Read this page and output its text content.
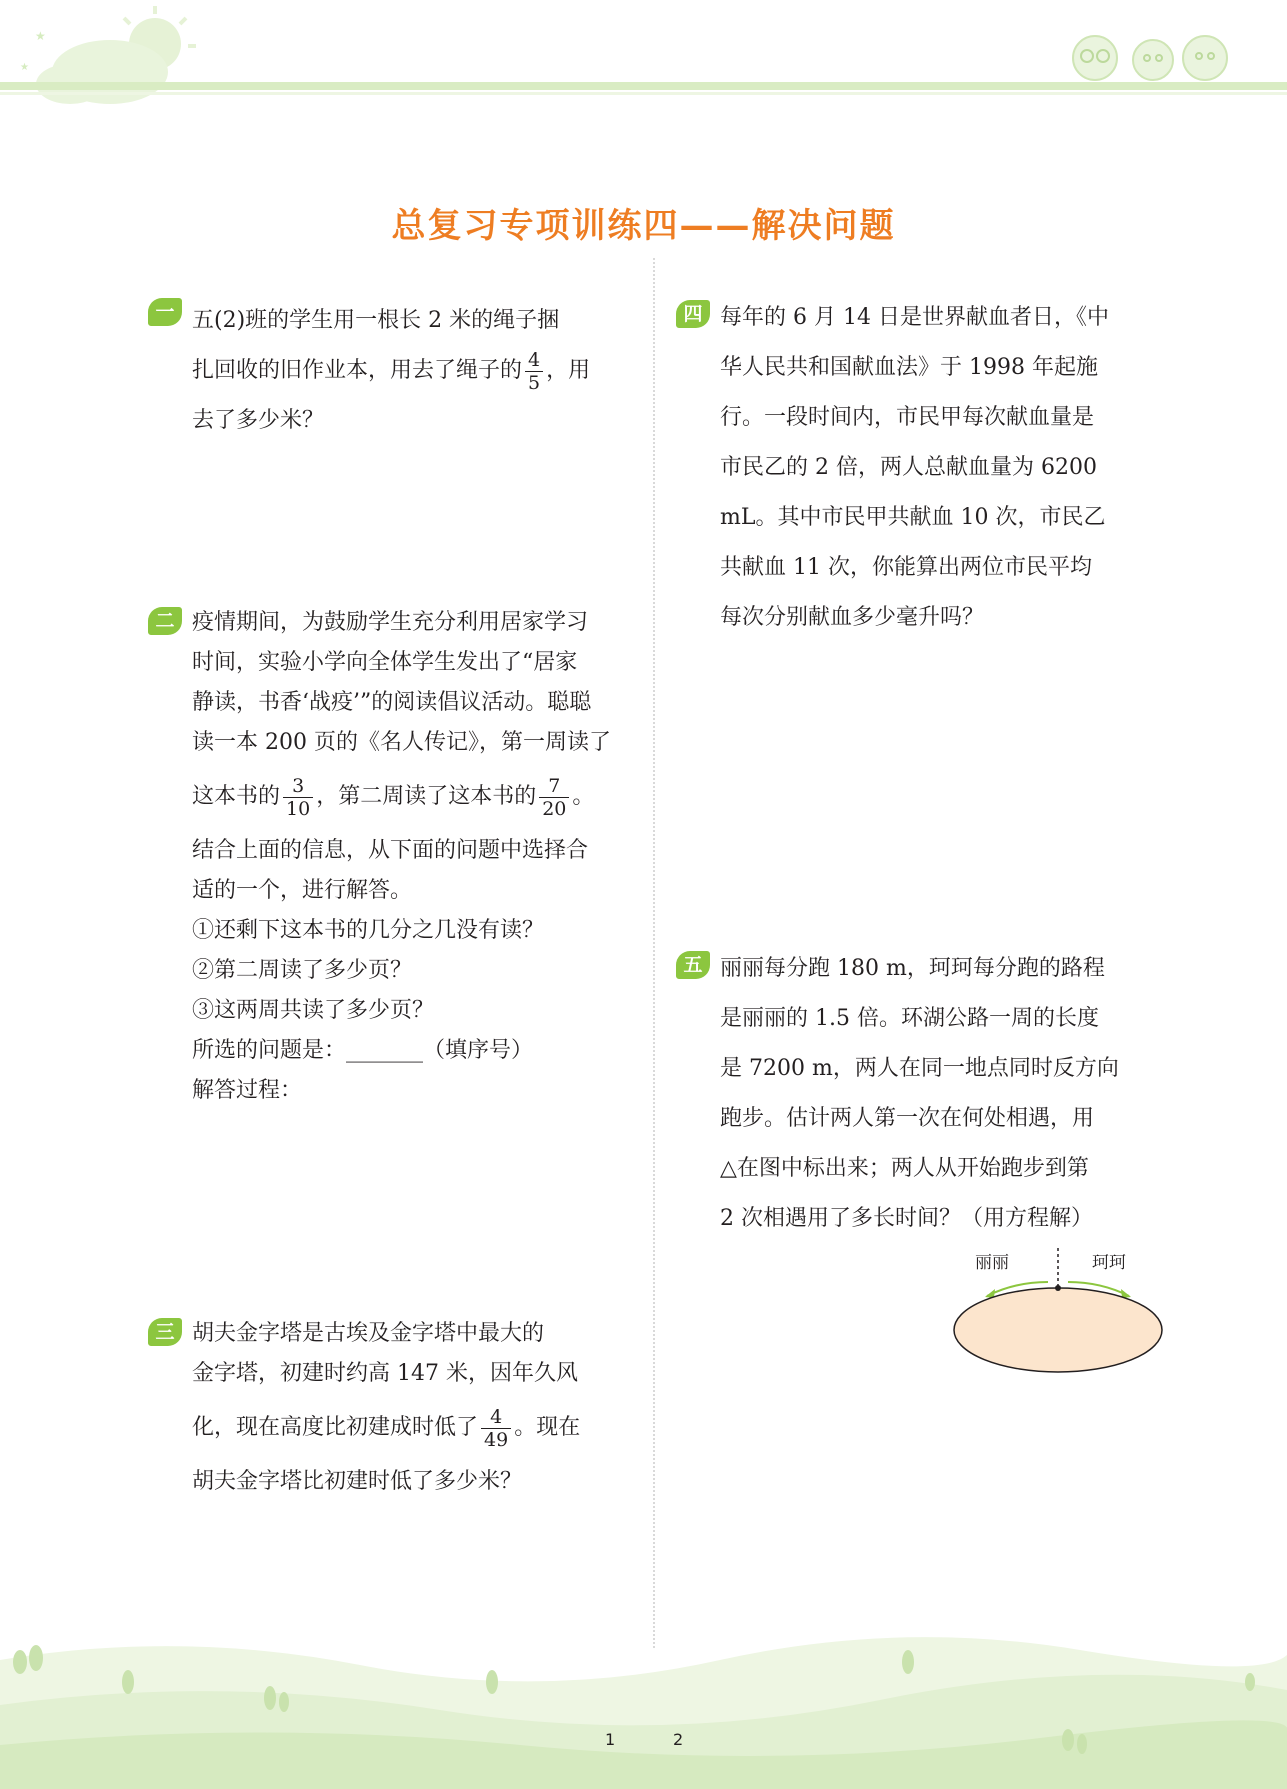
★
★
总复习专项训练四——解决问题
一 五(2)班的学生用一根长 2 米的绳子捆
扎回收的旧作业本，用去了绳子的 $\frac{4}{5}$ ，用
去了多少米？
二 疫情期间，为鼓励学生充分利用居家学习
时间，实验小学向全体学生发出了“居家
静读，书香‘战疫’”的阅读倡议活动。聪聪
读一本 200 页的《名人传记》，第一周读了
这本书的 $\frac{3}{10}$ ，第二周读了这本书的 $\frac{7}{20}$ 。
结合上面的信息，从下面的问题中选择合
适的一个，进行解答。
①还剩下这本书的几分之几没有读？
②第二周读了多少页？
③这两周共读了多少页？
所选的问题是：_______（填序号）
解答过程：
三 胡夫金字塔是古埃及金字塔中最大的
金字塔，初建时约高 147 米，因年久风
化，现在高度比初建成时低了 $\frac{4}{49}$ 。现在
胡夫金字塔比初建时低了多少米？
四 每年的 6 月 14 日是世界献血者日，《中
华人民共和国献血法》于 1998 年起施
行。一段时间内，市民甲每次献血量是
市民乙的 2 倍，两人总献血量为 6200
mL。其中市民甲共献血 10 次，市民乙
共献血 11 次，你能算出两位市民平均
每次分别献血多少毫升吗？
五 丽丽每分跑 180 m，珂珂每分跑的路程
是丽丽的 1.5 倍。环湖公路一周的长度
是 7200 m，两人在同一地点同时反方向
跑步。估计两人第一次在何处相遇，用
△在图中标出来；两人从开始跑步到第
2 次相遇用了多长时间？（用方程解）
丽丽	珂珂
1	2
